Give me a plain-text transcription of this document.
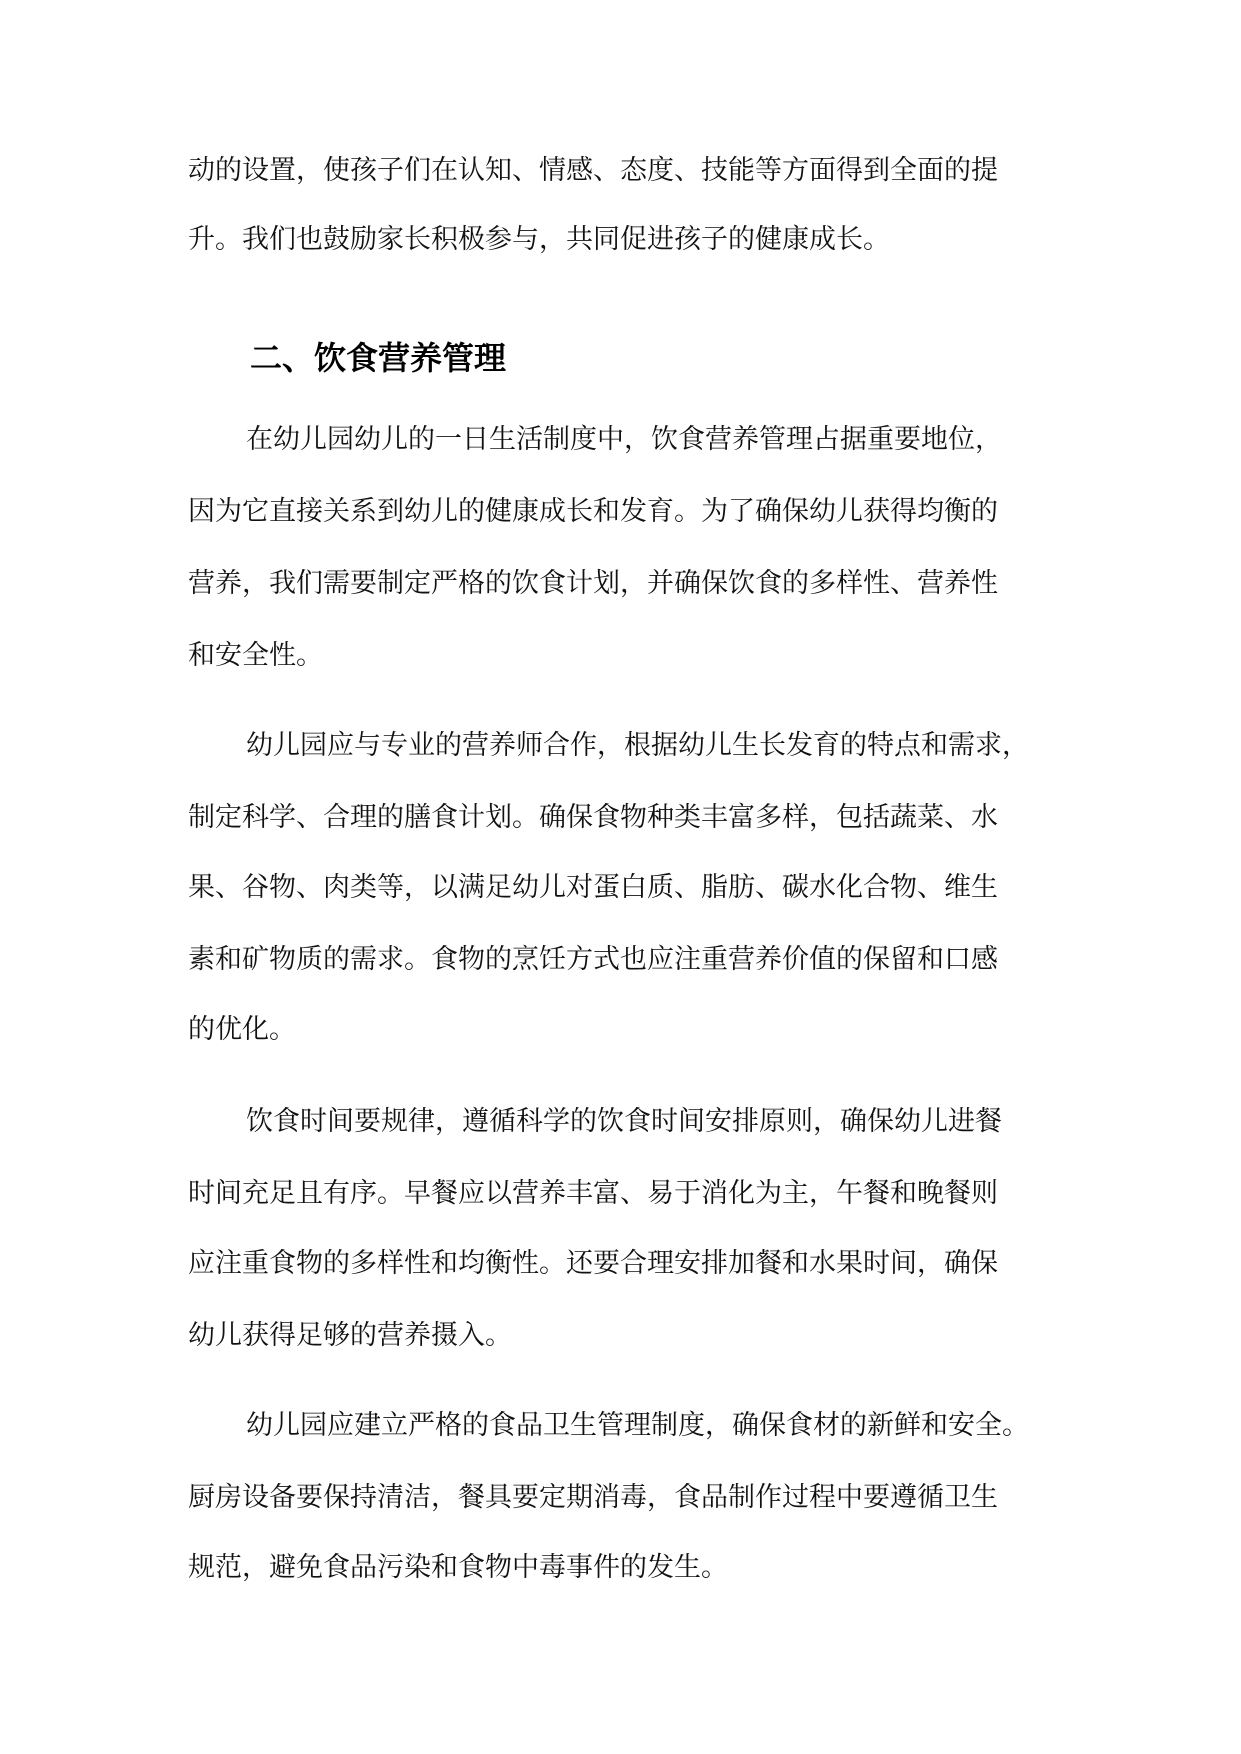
动的设置，使孩子们在认知、情感、态度、技能等方面得到全面的提
升。我们也鼓励家长积极参与，共同促进孩子的健康成长。
二、饮食营养管理
在幼儿园幼儿的一日生活制度中，饮食营养管理占据重要地位，
因为它直接关系到幼儿的健康成长和发育。为了确保幼儿获得均衡的
营养，我们需要制定严格的饮食计划，并确保饮食的多样性、营养性
和安全性。
幼儿园应与专业的营养师合作，根据幼儿生长发育的特点和需求，
制定科学、合理的膳食计划。确保食物种类丰富多样，包括蔬菜、水
果、谷物、肉类等，以满足幼儿对蛋白质、脂肪、碳水化合物、维生
素和矿物质的需求。食物的烹饪方式也应注重营养价值的保留和口感
的优化。
饮食时间要规律，遵循科学的饮食时间安排原则，确保幼儿进餐
时间充足且有序。早餐应以营养丰富、易于消化为主，午餐和晚餐则
应注重食物的多样性和均衡性。还要合理安排加餐和水果时间，确保
幼儿获得足够的营养摄入。
幼儿园应建立严格的食品卫生管理制度，确保食材的新鲜和安全。
厨房设备要保持清洁，餐具要定期消毒，食品制作过程中要遵循卫生
规范，避免食品污染和食物中毒事件的发生。
